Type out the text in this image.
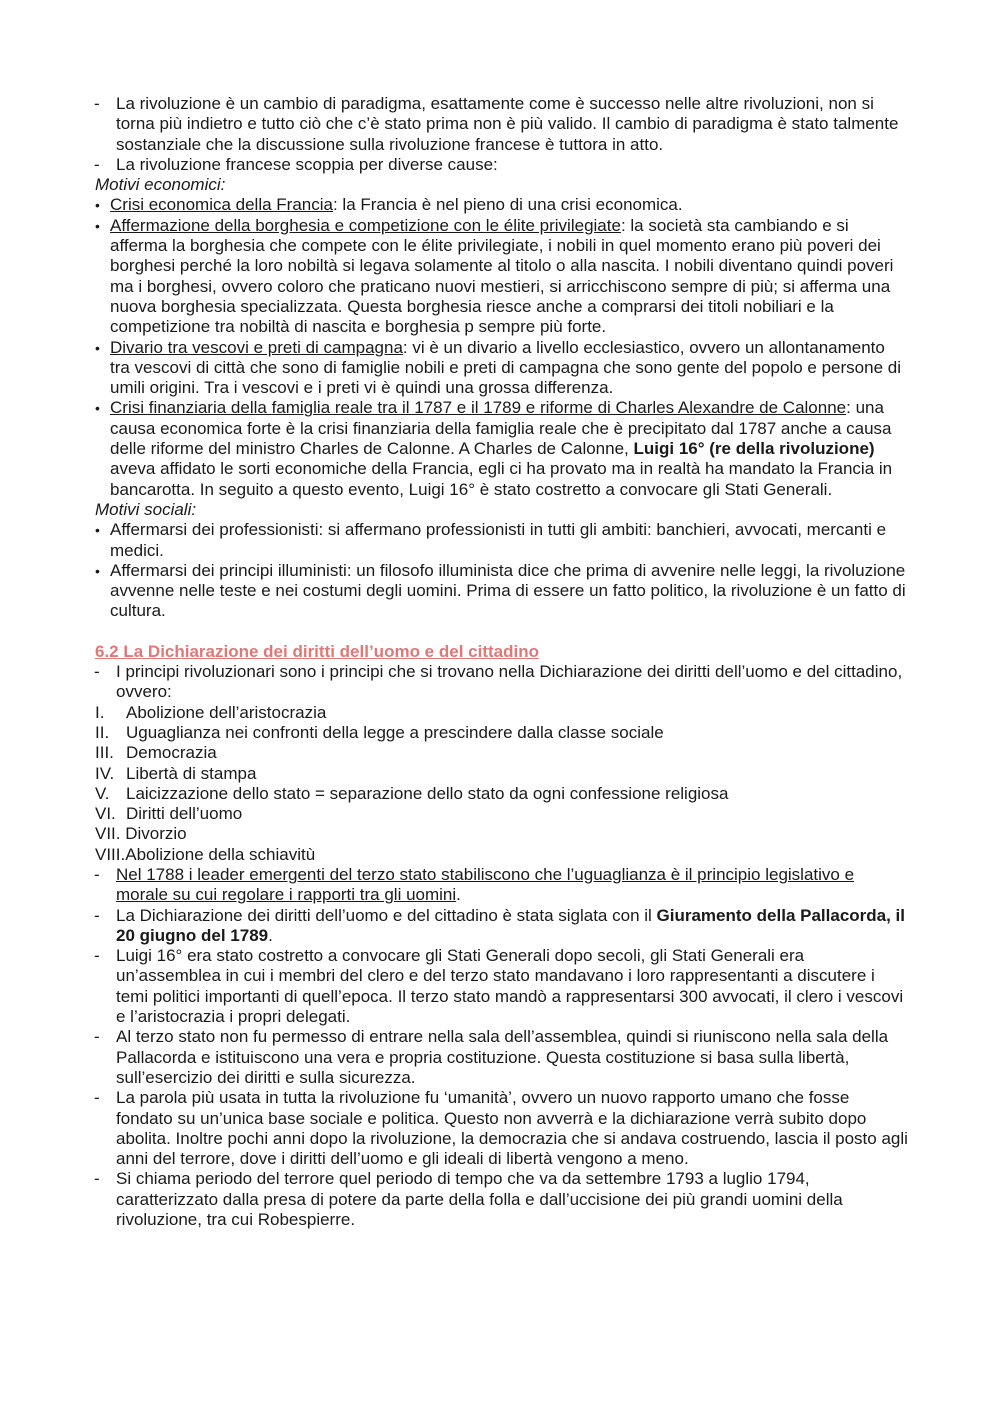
- La rivoluzione è un cambio di paradigma, esattamente come è successo nelle altre rivoluzioni, non si torna più indietro e tutto ciò che c’è stato prima non è più valido. Il cambio di paradigma è stato talmente sostanziale che la discussione sulla rivoluzione francese è tuttora in atto.
- La rivoluzione francese scoppia per diverse cause:
Motivi economici:
• Crisi economica della Francia: la Francia è nel pieno di una crisi economica.
• Affermazione della borghesia e competizione con le élite privilegiate: la società sta cambiando e si afferma la borghesia che compete con le élite privilegiate, i nobili in quel momento erano più poveri dei borghesi perché la loro nobiltà si legava solamente al titolo o alla nascita. I nobili diventano quindi poveri ma i borghesi, ovvero coloro che praticano nuovi mestieri, si arricchiscono sempre di più; si afferma una nuova borghesia specializzata. Questa borghesia riesce anche a comprarsi dei titoli nobiliari e la competizione tra nobiltà di nascita e borghesia p sempre più forte.
• Divario tra vescovi e preti di campagna: vi è un divario a livello ecclesiastico, ovvero un allontanamento tra vescovi di città che sono di famiglie nobili e preti di campagna che sono gente del popolo e persone di umili origini. Tra i vescovi e i preti vi è quindi una grossa differenza.
• Crisi finanziaria della famiglia reale tra il 1787 e il 1789 e riforme di Charles Alexandre de Calonne: una causa economica forte è la crisi finanziaria della famiglia reale che è precipitato dal 1787 anche a causa delle riforme del ministro Charles de Calonne. A Charles de Calonne, Luigi 16° (re della rivoluzione) aveva affidato le sorti economiche della Francia, egli ci ha provato ma in realtà ha mandato la Francia in bancarotta. In seguito a questo evento, Luigi 16° è stato costretto a convocare gli Stati Generali.
Motivi sociali:
• Affermarsi dei professionisti: si affermano professionisti in tutti gli ambiti: banchieri, avvocati, mercanti e medici.
• Affermarsi dei principi illuministi: un filosofo illuminista dice che prima di avvenire nelle leggi, la rivoluzione avvenne nelle teste e nei costumi degli uomini. Prima di essere un fatto politico, la rivoluzione è un fatto di cultura.
6.2 La Dichiarazione dei diritti dell’uomo e del cittadino
- I principi rivoluzionari sono i principi che si trovano nella Dichiarazione dei diritti dell’uomo e del cittadino, ovvero:
I. Abolizione dell’aristocrazia
II. Uguaglianza nei confronti della legge a prescindere dalla classe sociale
III. Democrazia
IV. Libertà di stampa
V. Laicizzazione dello stato = separazione dello stato da ogni confessione religiosa
VI. Diritti dell’uomo
VII. Divorzio
VIII.Abolizione della schiavitù
- Nel 1788 i leader emergenti del terzo stato stabiliscono che l’uguaglianza è il principio legislativo e morale su cui regolare i rapporti tra gli uomini.
- La Dichiarazione dei diritti dell’uomo e del cittadino è stata siglata con il Giuramento della Pallacorda, il 20 giugno del 1789.
- Luigi 16° era stato costretto a convocare gli Stati Generali dopo secoli, gli Stati Generali era un’assemblea in cui i membri del clero e del terzo stato mandavano i loro rappresentanti a discutere i temi politici importanti di quell’epoca. Il terzo stato mandò a rappresentarsi 300 avvocati, il clero i vescovi e l’aristocrazia i propri delegati.
- Al terzo stato non fu permesso di entrare nella sala dell’assemblea, quindi si riuniscono nella sala della Pallacorda e istituiscono una vera e propria costituzione. Questa costituzione si basa sulla libertà, sull’esercizio dei diritti e sulla sicurezza.
- La parola più usata in tutta la rivoluzione fu ‘umanità’, ovvero un nuovo rapporto umano che fosse fondato su un’unica base sociale e politica. Questo non avverrà e la dichiarazione verrà subito dopo abolita. Inoltre pochi anni dopo la rivoluzione, la democrazia che si andava costruendo, lascia il posto agli anni del terrore, dove i diritti dell’uomo e gli ideali di libertà vengono a meno.
- Si chiama periodo del terrore quel periodo di tempo che va da settembre 1793 a luglio 1794, caratterizzato dalla presa di potere da parte della folla e dall’uccisione dei più grandi uomini della rivoluzione, tra cui Robespierre.
